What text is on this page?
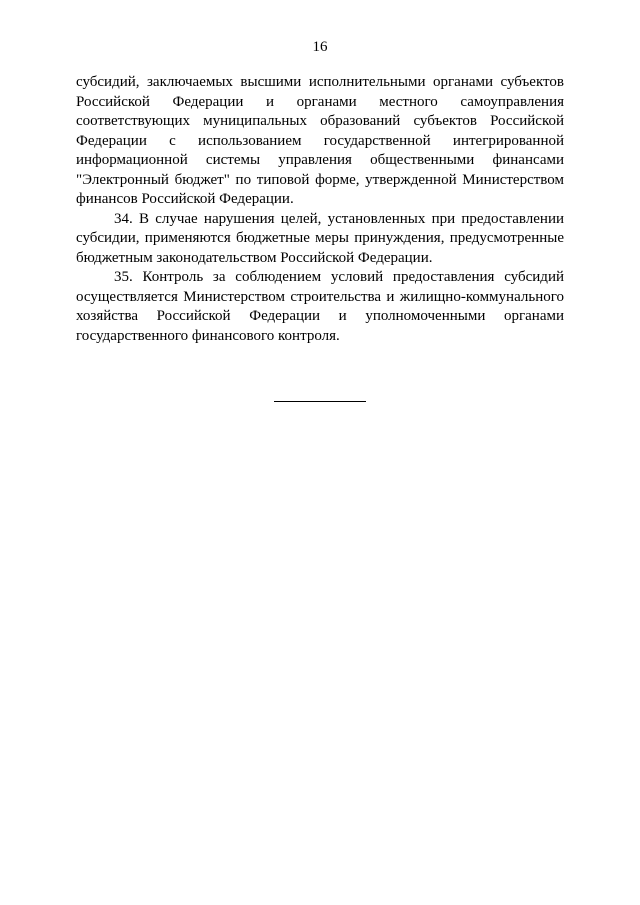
16

субсидий, заключаемых высшими исполнительными органами субъектов Российской Федерации и органами местного самоуправления соответствующих муниципальных образований субъектов Российской Федерации с использованием государственной интегрированной информационной системы управления общественными финансами "Электронный бюджет" по типовой форме, утвержденной Министерством финансов Российской Федерации.

34. В случае нарушения целей, установленных при предоставлении субсидии, применяются бюджетные меры принуждения, предусмотренные бюджетным законодательством Российской Федерации.

35. Контроль за соблюдением условий предоставления субсидий осуществляется Министерством строительства и жилищно-коммунального хозяйства Российской Федерации и уполномоченными органами государственного финансового контроля.
